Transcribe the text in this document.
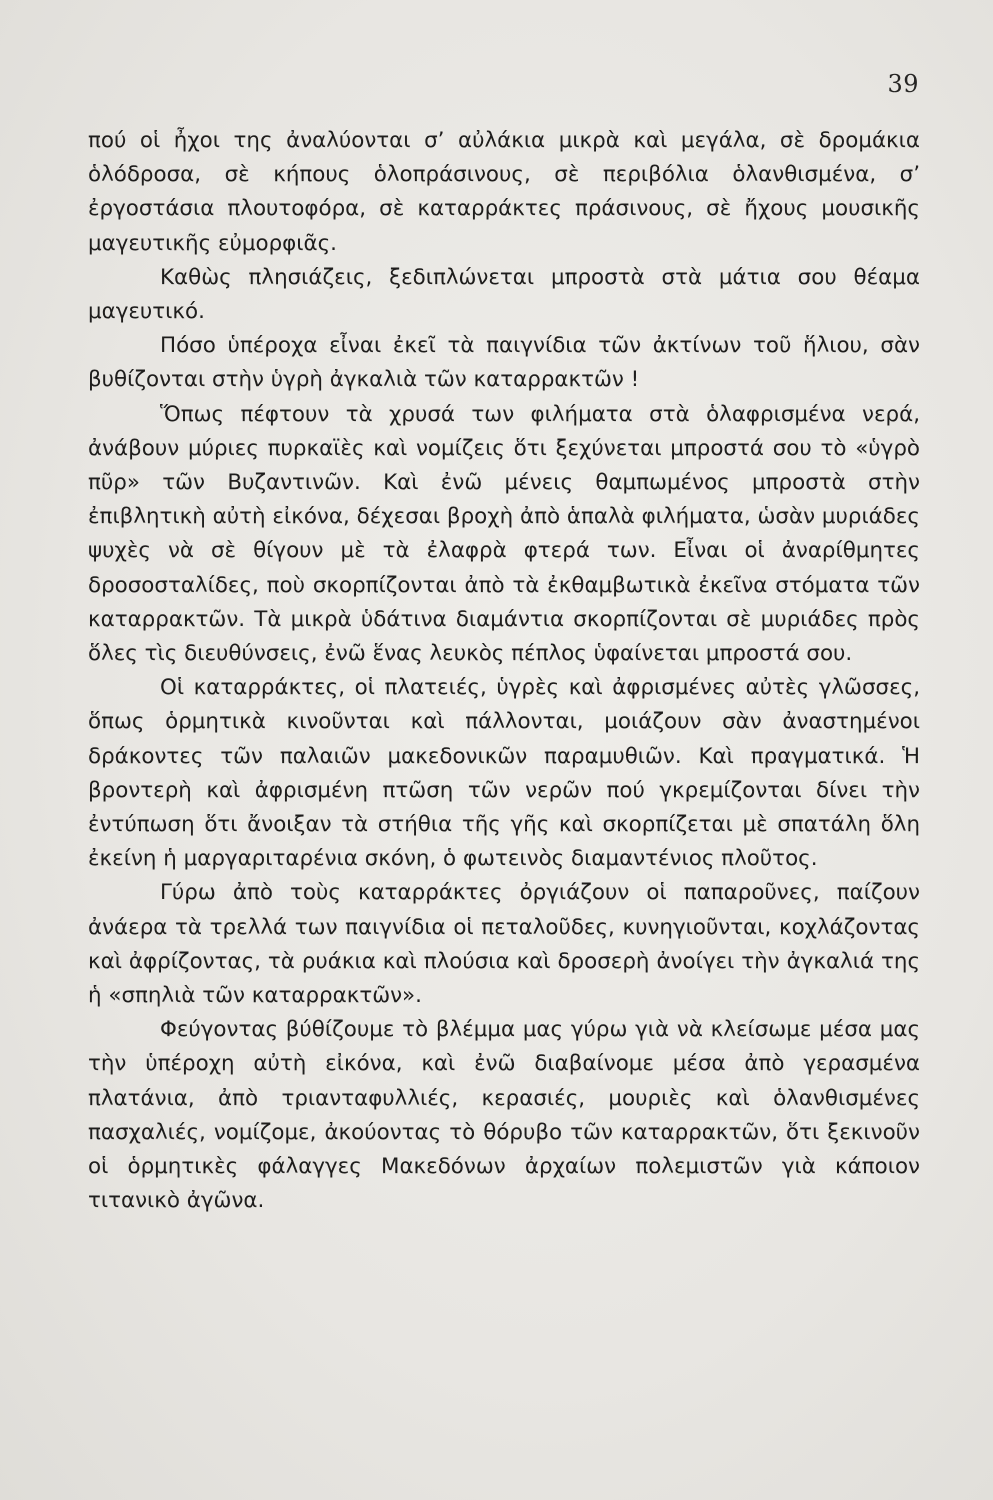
39

πού οἱ ἦχοι της ἀναλύονται σ’ αὐλάκια μικρὰ καὶ μεγάλα, σὲ δρομάκια ὁλόδροσα, σὲ κήπους ὁλοπράσινους, σὲ περιβόλια ὁλανθισμένα, σ’ ἐργοστάσια πλουτοφόρα, σὲ καταρράκτες πράσινους, σὲ ἤχους μουσικῆς μαγευτικῆς εὐμορφιᾶς.

Καθὼς πλησιάζεις, ξεδιπλώνεται μπροστὰ στὰ μάτια σου θέαμα μαγευτικό.

Πόσο ὑπέροχα εἶναι ἐκεῖ τὰ παιγνίδια τῶν ἀκτίνων τοῦ ἥλιου, σὰν βυθίζονται στὴν ὑγρὴ ἀγκαλιὰ τῶν καταρρακτῶν !

Ὅπως πέφτουν τὰ χρυσά των φιλήματα στὰ ὁλαφρισμένα νερά, ἀνάβουν μύριες πυρκαϊὲς καὶ νομίζεις ὅτι ξεχύνεται μπροστά σου τὸ «ὑγρὸ πῦρ» τῶν Βυζαντινῶν. Καὶ ἐνῶ μένεις θαμπωμένος μπροστὰ στὴν ἐπιβλητικὴ αὐτὴ εἰκόνα, δέχεσαι βροχὴ ἀπὸ ἁπαλὰ φιλήματα, ὡσὰν μυριάδες ψυχὲς νὰ σὲ θίγουν μὲ τὰ ἐλαφρὰ φτερά των. Εἶναι οἱ ἀναρίθμητες δροσοσταλίδες, ποὺ σκορπίζονται ἀπὸ τὰ ἐκθαμβωτικὰ ἐκεῖνα στόματα τῶν καταρρακτῶν. Τὰ μικρὰ ὑδάτινα διαμάντια σκορπίζονται σὲ μυριάδες πρὸς ὅλες τὶς διευθύνσεις, ἐνῶ ἕνας λευκὸς πέπλος ὑφαίνεται μπροστά σου.

Οἱ καταρράκτες, οἱ πλατειές, ὑγρὲς καὶ ἀφρισμένες αὐτὲς γλῶσσες, ὅπως ὁρμητικὰ κινοῦνται καὶ πάλλονται, μοιάζουν σὰν ἀναστημένοι δράκοντες τῶν παλαιῶν μακεδονικῶν παραμυθιῶν. Καὶ πραγματικά. Ἡ βροντερὴ καὶ ἀφρισμένη πτῶση τῶν νερῶν πού γκρεμίζονται δίνει τὴν ἐντύπωση ὅτι ἄνοιξαν τὰ στήθια τῆς γῆς καὶ σκορπίζεται μὲ σπατάλη ὅλη ἐκείνη ἡ μαργαριταρένια σκόνη, ὁ φωτεινὸς διαμαντένιος πλοῦτος.

Γύρω ἀπὸ τοὺς καταρράκτες ὀργιάζουν οἱ παπαροῦνες, παίζουν ἀνάερα τὰ τρελλά των παιγνίδια οἱ πεταλοῦδες, κυνηγιοῦνται, κοχλάζοντας καὶ ἀφρίζοντας, τὰ ρυάκια καὶ πλούσια καὶ δροσερὴ ἀνοίγει τὴν ἀγκαλιά της ἡ «σπηλιὰ τῶν καταρρακτῶν».

Φεύγοντας βύθίζουμε τὸ βλέμμα μας γύρω γιὰ νὰ κλείσωμε μέσα μας τὴν ὑπέροχη αὐτὴ εἰκόνα, καὶ ἐνῶ διαβαίνομε μέσα ἀπὸ γερασμένα πλατάνια, ἀπὸ τριανταφυλλιές, κερασιές, μουριὲς καὶ ὁλανθισμένες πασχαλιές, νομίζομε, ἀκούοντας τὸ θόρυβο τῶν καταρρακτῶν, ὅτι ξεκινοῦν οἱ ὁρμητικὲς φάλαγγες Μακεδόνων ἀρχαίων πολεμιστῶν γιὰ κάποιον τιτανικὸ ἀγῶνα.
